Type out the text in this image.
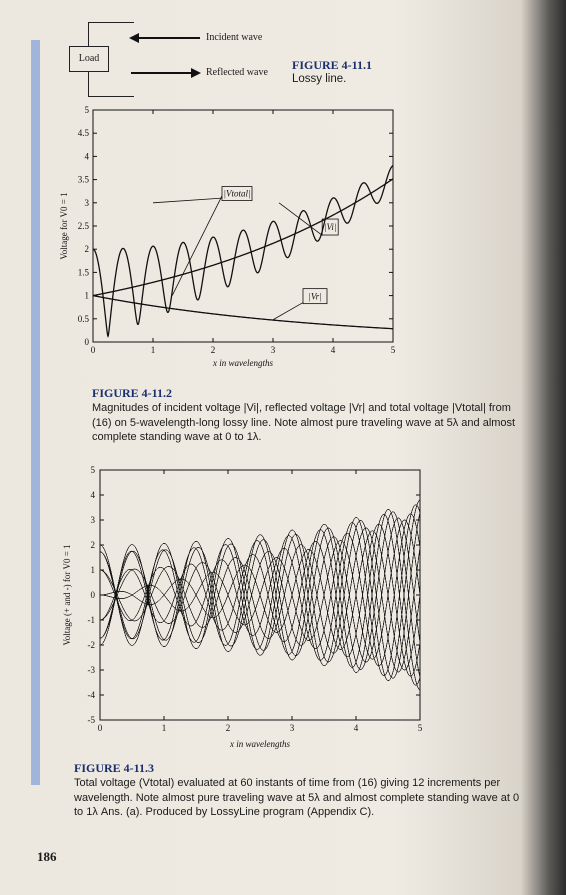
Load
Incident wave
Reflected wave
FIGURE 4-11.1
Lossy line.
0	1	2	3	4	5
0
0.5
1
1.5
2
2.5
3
3.5
4
4.5
5
x in wavelengths
Voltage for V0 = 1	|Vtotal|
|Vi|
|Vr|
FIGURE 4-11.2
Magnitudes of incident voltage |Vi|, reflected voltage |Vr| and total voltage |Vtotal| from (16) on 5-wavelength-long lossy line. Note almost pure traveling wave at 5λ and almost complete standing wave at 0 to 1λ.
0	1	2	3	4	5
-5
-4
-3
-2
-1
0
1
2
3
4
5
x in wavelengths
Voltage (+ and -) for V0 = 1
FIGURE 4-11.3
Total voltage (Vtotal) evaluated at 60 instants of time from (16) giving 12 increments per wavelength. Note almost pure traveling wave at 5λ and almost complete standing wave at 0 to 1λ Ans. (a). Produced by LossyLine program (Appendix C).
186
